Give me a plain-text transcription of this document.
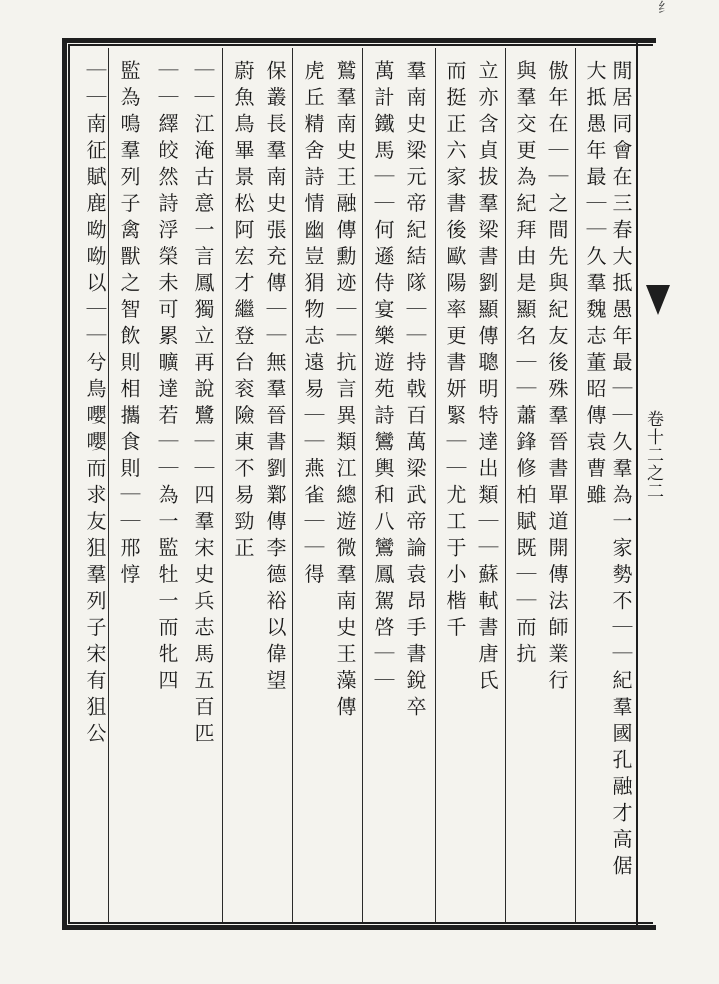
纟
卷十二之二
閒居同會在三春大抵愚年最｜｜久羣為一家勢不｜｜紀羣國孔融才高倨
大抵愚年最｜｜久羣魏志董昭傳袁曹雖
傲年在｜｜之間先與紀友後殊羣晉書單道開傳法師業行
與羣交更為紀拜由是顯名｜｜蕭鋒修柏賦既｜｜而抗
立亦含貞拔羣梁書劉顯傳聰明特達出類｜｜蘇軾書唐氏
而挺正六家書後歐陽率更書妍緊｜｜尤工于小楷千
羣南史梁元帝紀結隊｜｜持戟百萬梁武帝論袁昂手書銳卒
萬計鐵馬｜｜何遜侍宴樂遊苑詩鸞輿和八鸞鳳駕啓｜｜
鷲羣南史王融傳勳迹｜｜抗言異類江總遊微羣南史王藻傳
虎丘精舍詩情幽豈狷物志遠易｜｜燕雀｜｜得
保叢長羣南史張充傳｜｜無羣晉書劉鄴傳李德裕以偉望
蔚魚鳥畢景松阿宏才繼登台衮險東不易勁正
｜｜江淹古意一言鳳獨立再說鷺｜｜四羣宋史兵志馬五百匹
｜｜繹皎然詩浮榮未可累曠達若｜｜為一監牡一而牝四
監為鳴羣列子禽獸之智飲則相攜食則｜｜邢惇
｜｜南征賦鹿呦呦以｜｜兮鳥嚶嚶而求友狙羣列子宋有狙公
